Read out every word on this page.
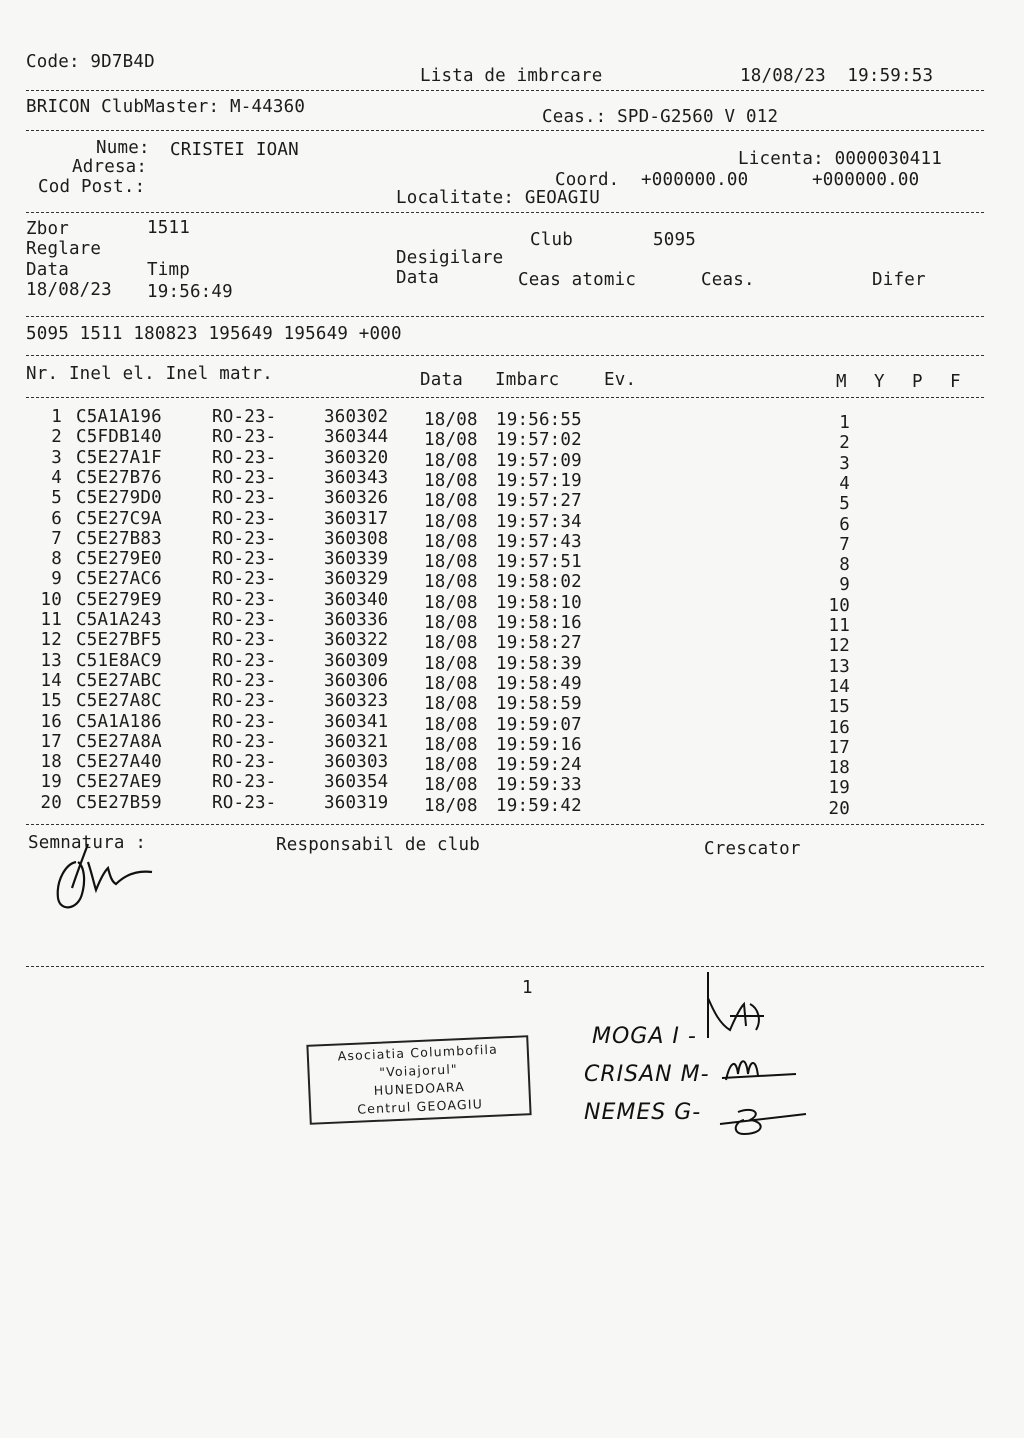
Code: 9D7B4D
Lista de imbrcare	18/08/23  19:59:53
BRICON ClubMaster: M-44360	Ceas.: SPD-G2560 V 012
Nume: CRISTEI IOAN
Adresa:	Licenta: 0000030411
Cod Post.:	Coord. +000000.00	+000000.00
Localitate: GEOAGIU
Zbor	1511
Club	5095
Reglare	Desigilare
Data	Timp	Data	Ceas atomic	Ceas.	Difer
18/08/23 19:56:49
5095 1511 180823 195649 195649 +000
Nr. Inel el. Inel matr.	Data Imbarc	Ev.	M Y P F
1 C5A1A196	RO-23-	360302 18/08 19:56:55	1
2 C5FDB140	RO-23-	360344 18/08 19:57:02	2
3 C5E27A1F	RO-23-	360320 18/08 19:57:09	3
4 C5E27B76	RO-23-	360343 18/08 19:57:19	4
5 C5E279D0	RO-23-	360326 18/08 19:57:27	5
6 C5E27C9A	RO-23-	360317 18/08 19:57:34	6
7 C5E27B83	RO-23-	360308 18/08 19:57:43	7
8 C5E279E0	RO-23-	360339 18/08 19:57:51	8
9 C5E27AC6	RO-23-	360329 18/08 19:58:02	9
10 C5E279E9	RO-23-	360340 18/08 19:58:10	10
11 C5A1A243	RO-23-	360336 18/08 19:58:16	11
12 C5E27BF5	RO-23-	360322 18/08 19:58:27	12
13 C51E8AC9	RO-23-	360309 18/08 19:58:39	13
14 C5E27ABC	RO-23-	360306 18/08 19:58:49	14
15 C5E27A8C	RO-23-	360323 18/08 19:58:59	15
16 C5A1A186	RO-23-	360341 18/08 19:59:07	16
17 C5E27A8A	RO-23-	360321 18/08 19:59:16	17
18 C5E27A40	RO-23-	360303 18/08 19:59:24	18
19 C5E27AE9	RO-23-	360354 18/08 19:59:33	19
20 C5E27B59	RO-23-	360319 18/08 19:59:42	20
Semnatura :	Responsabil de club	Crescator
1
Asociatia Columbofila
"Voiajorul"
HUNEDOARA
Centrul GEOAGIU
MOGA I -
CRISAN M-
NEMES G-
